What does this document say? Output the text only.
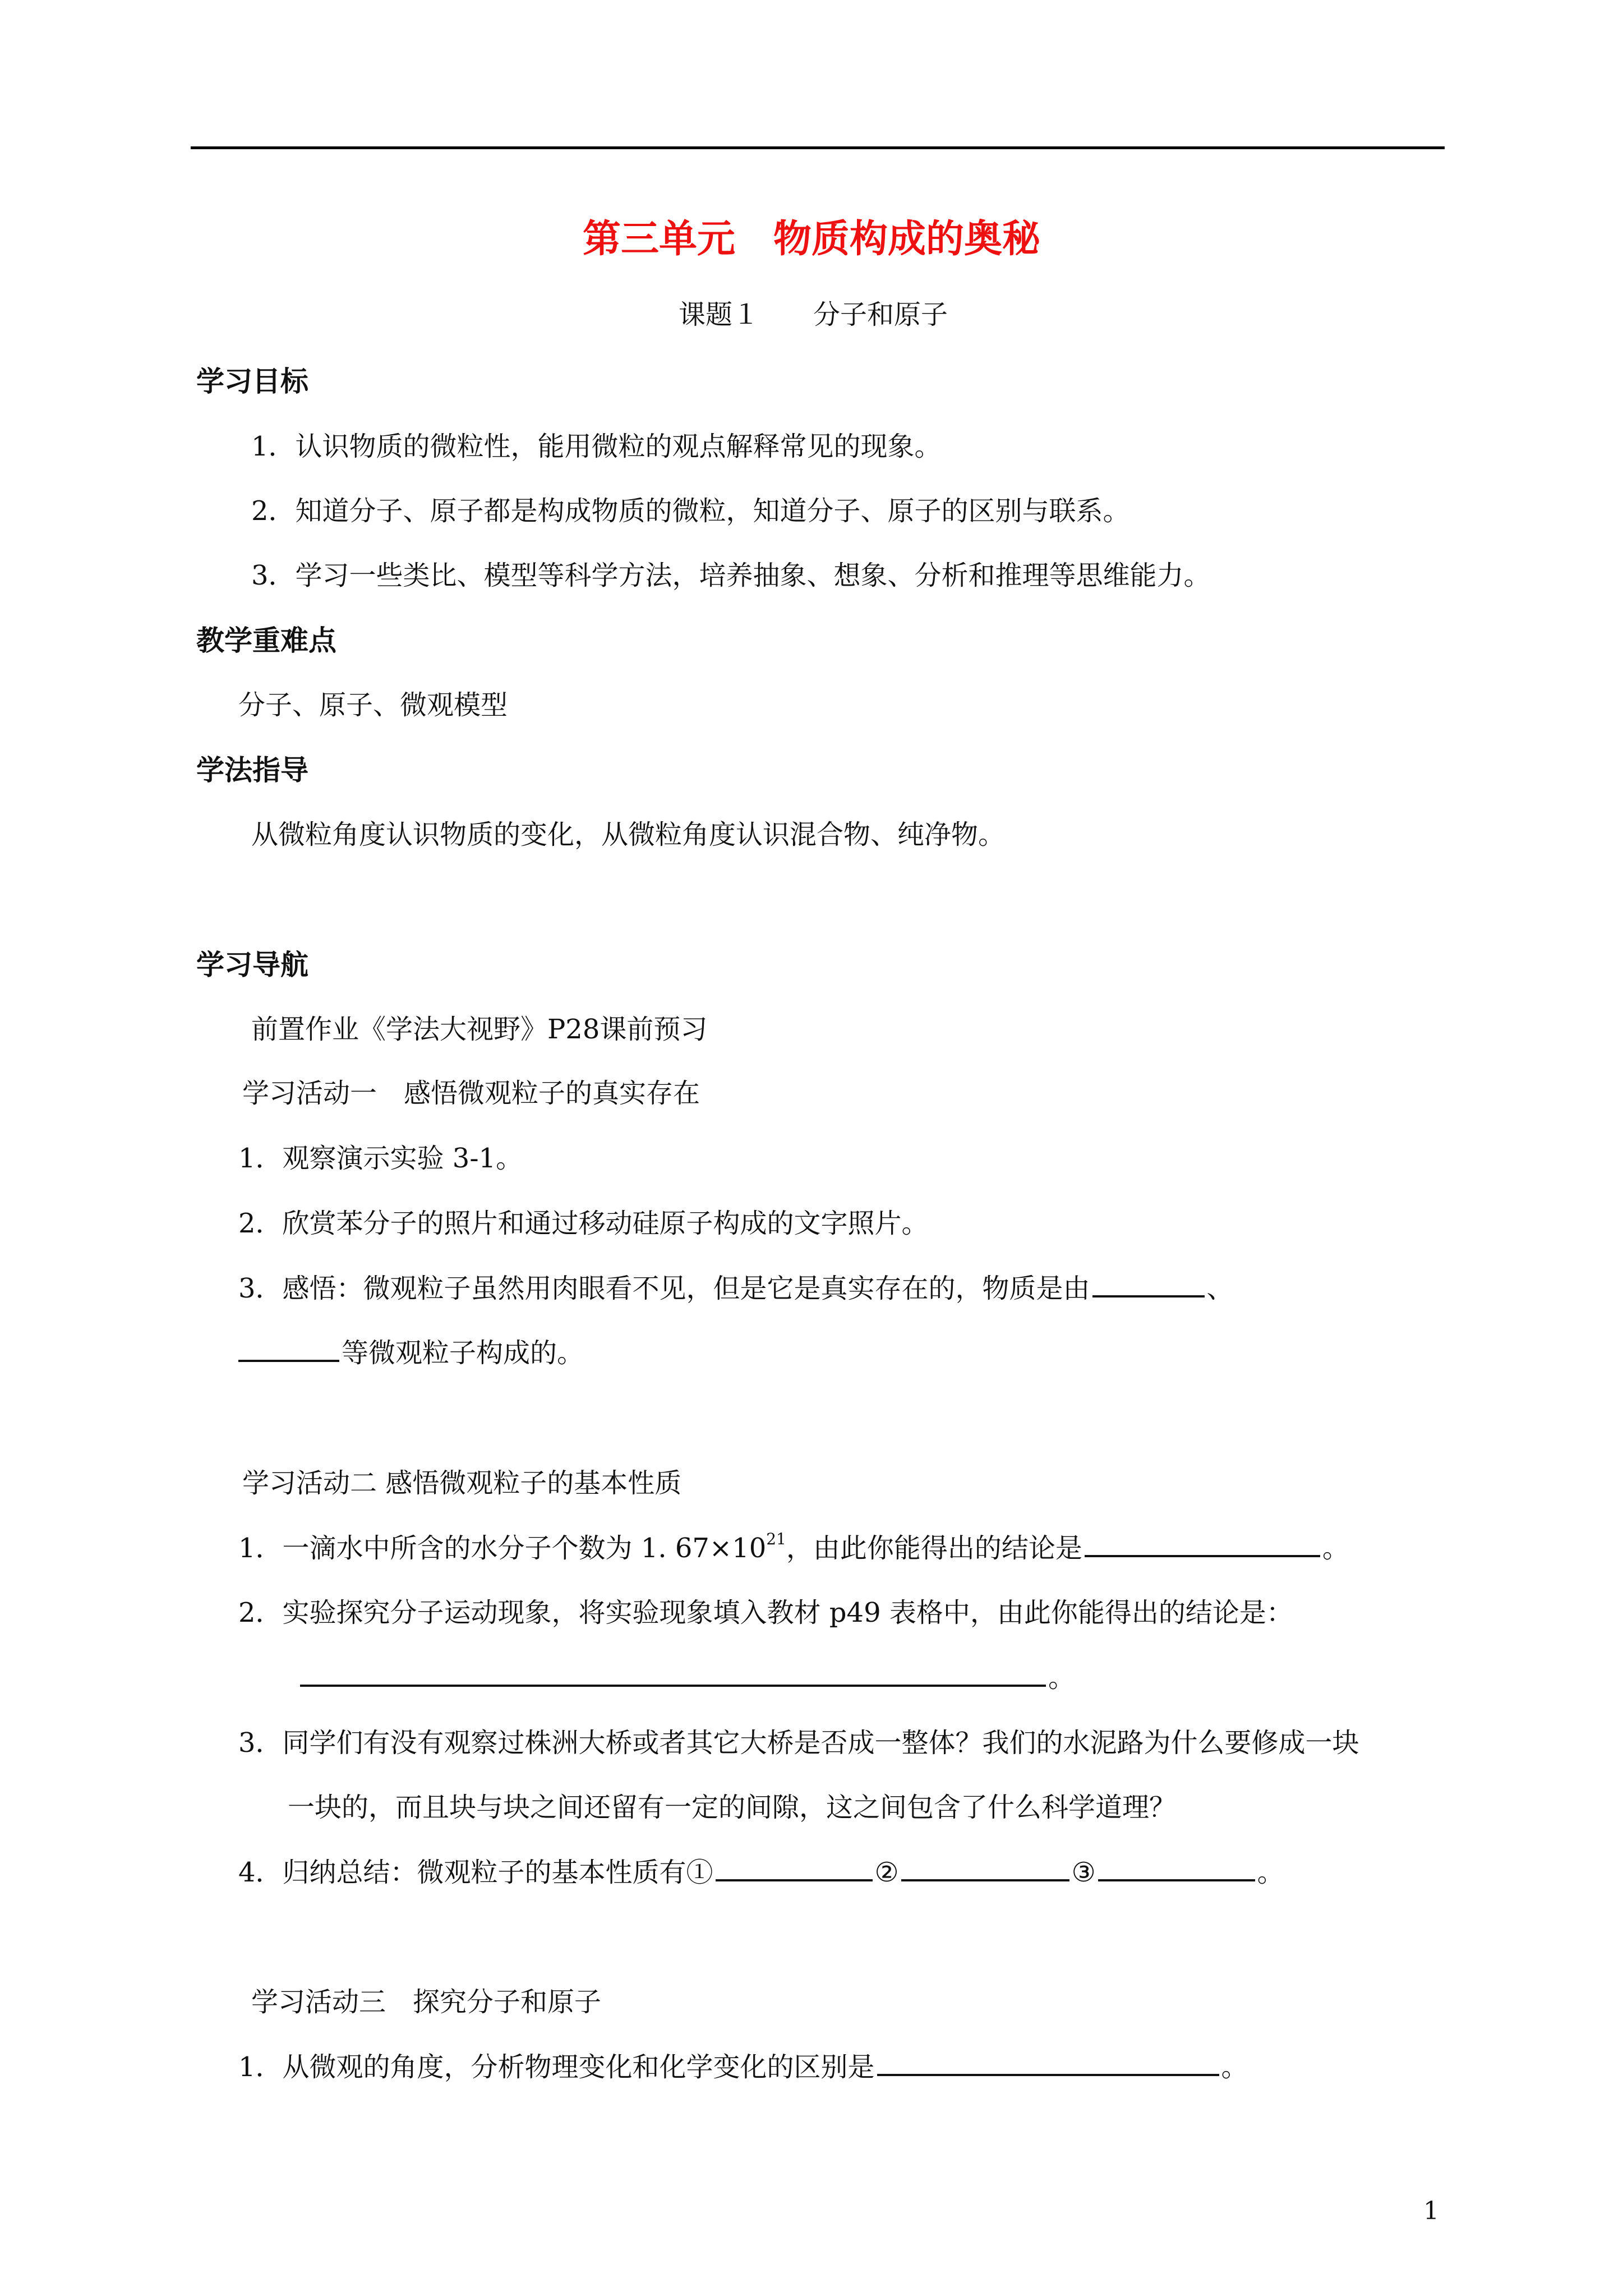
第三单元　物质构成的奥秘
课题１　　分子和原子
学习目标
1．认识物质的微粒性，能用微粒的观点解释常见的现象。
2．知道分子、原子都是构成物质的微粒，知道分子、原子的区别与联系。
3．学习一些类比、模型等科学方法，培养抽象、想象、分析和推理等思维能力。
教学重难点
分子、原子、微观模型
学法指导
从微粒角度认识物质的变化，从微粒角度认识混合物、纯净物。
学习导航
前置作业《学法大视野》P28课前预习
学习活动一　感悟微观粒子的真实存在
1．观察演示实验 3-1。
2．欣赏苯分子的照片和通过移动硅原子构成的文字照片。
3．感悟：微观粒子虽然用肉眼看不见，但是它是真实存在的，物质是由	、
等微观粒子构成的。
学习活动二 感悟微观粒子的基本性质
1．一滴水中所含的水分子个数为 1. $67\times 10^{21}$，由此你能得出的结论是	。
2．实验探究分子运动现象，将实验现象填入教材 p49 表格中，由此你能得出的结论是：
。
3．同学们有没有观察过株洲大桥或者其它大桥是否成一整体？我们的水泥路为什么要修成一块
一块的，而且块与块之间还留有一定的间隙，这之间包含了什么科学道理？
4．归纳总结：微观粒子的基本性质有①	②	③	。
学习活动三　探究分子和原子
1．从微观的角度，分析物理变化和化学变化的区别是	。
1
